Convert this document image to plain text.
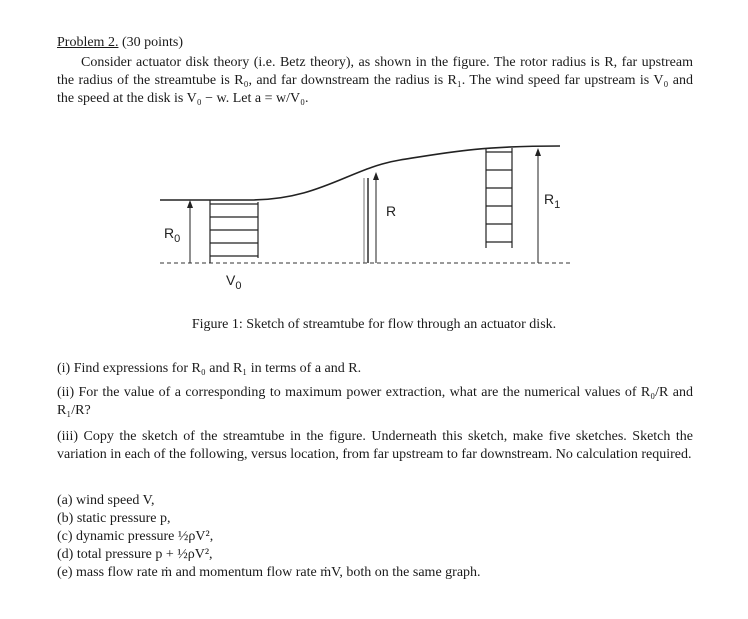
Problem 2. (30 points)
Consider actuator disk theory (i.e. Betz theory), as shown in the figure. The rotor radius is R, far upstream the radius of the streamtube is R₀, and far downstream the radius is R₁. The wind speed far upstream is V₀ and the speed at the disk is V₀ − w. Let a = w/V₀.
$R_0$
$V_0$
R
$R_1$
Figure 1: Sketch of streamtube for flow through an actuator disk.
(i) Find expressions for R₀ and R₁ in terms of a and R.
(ii) For the value of a corresponding to maximum power extraction, what are the numerical values of R₀/R and R₁/R?
(iii) Copy the sketch of the streamtube in the figure. Underneath this sketch, make five sketches. Sketch the variation in each of the following, versus location, from far upstream to far downstream. No calculation required.
(a) wind speed V,
(b) static pressure p,
(c) dynamic pressure ½ρV²,
(d) total pressure p + ½ρV²,
(e) mass flow rate ṁ and momentum flow rate ṁV, both on the same graph.
